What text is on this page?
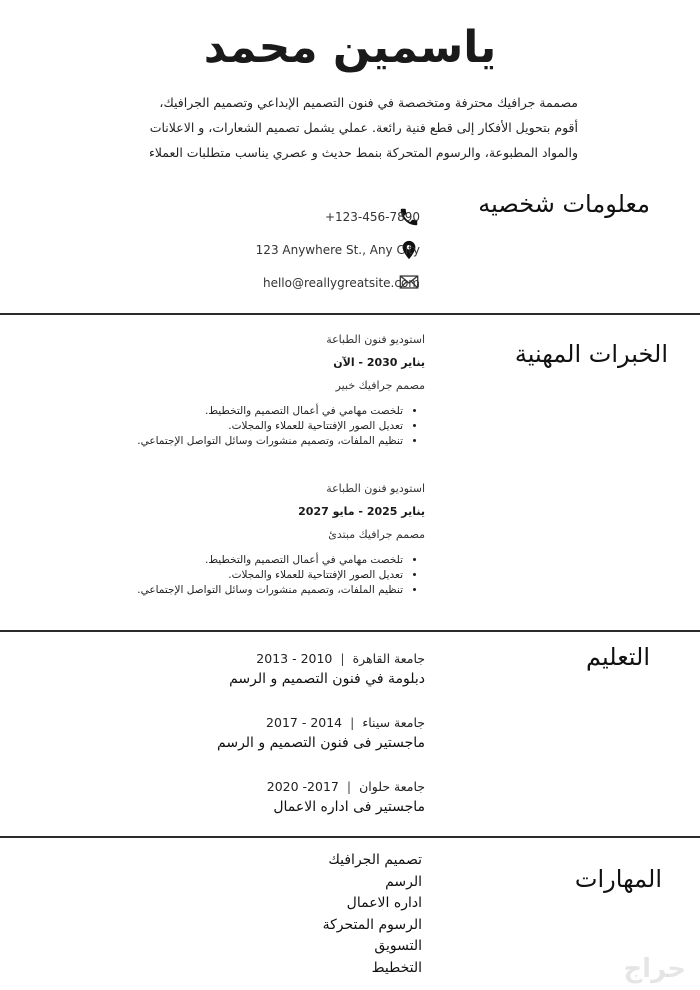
ياسمين محمد
مصممة جرافيك محترفة ومتخصصة في فنون التصميم الإبداعي وتصميم الجرافيك،
أقوم بتحويل الأفكار إلى قطع فنية رائعة. عملي يشمل تصميم الشعارات، و الاعلانات
والمواد المطبوعة، والرسوم المتحركة بنمط حديث و عصري يناسب متطلبات العملاء
معلومات شخصيه
+123-456-7890
123 Anywhere St., Any City
hello@reallygreatsite.com
الخبرات المهنية
استوديو فنون الطباعة
يناير 2030 - الآن
مصمم جرافيك خبير
• تلخصت مهامي في أعمال التصميم والتخطيط.
• تعديل الصور الإفتتاحية للعملاء والمجلات.
• تنظيم الملفات، وتصميم منشورات وسائل التواصل الإجتماعي.
استوديو فنون الطباعة
يناير 2025 - مايو 2027
مصمم جرافيك مبتدئ
• تلخصت مهامي في أعمال التصميم والتخطيط.
• تعديل الصور الإفتتاحية للعملاء والمجلات.
• تنظيم الملفات، وتصميم منشورات وسائل التواصل الإجتماعي.
التعليم
جامعة القاهرة|2010 - 2013
دبلومة في فنون التصميم و الرسم
جامعة سيناء|2014 - 2017
ماجستير فى فنون التصميم و الرسم
جامعة حلوان|2017- 2020
ماجستير فى اداره الاعمال
المهارات
تصميم الجرافيك
الرسم
اداره الاعمال
الرسوم المتحركة
التسويق
التخطيط	حراج
